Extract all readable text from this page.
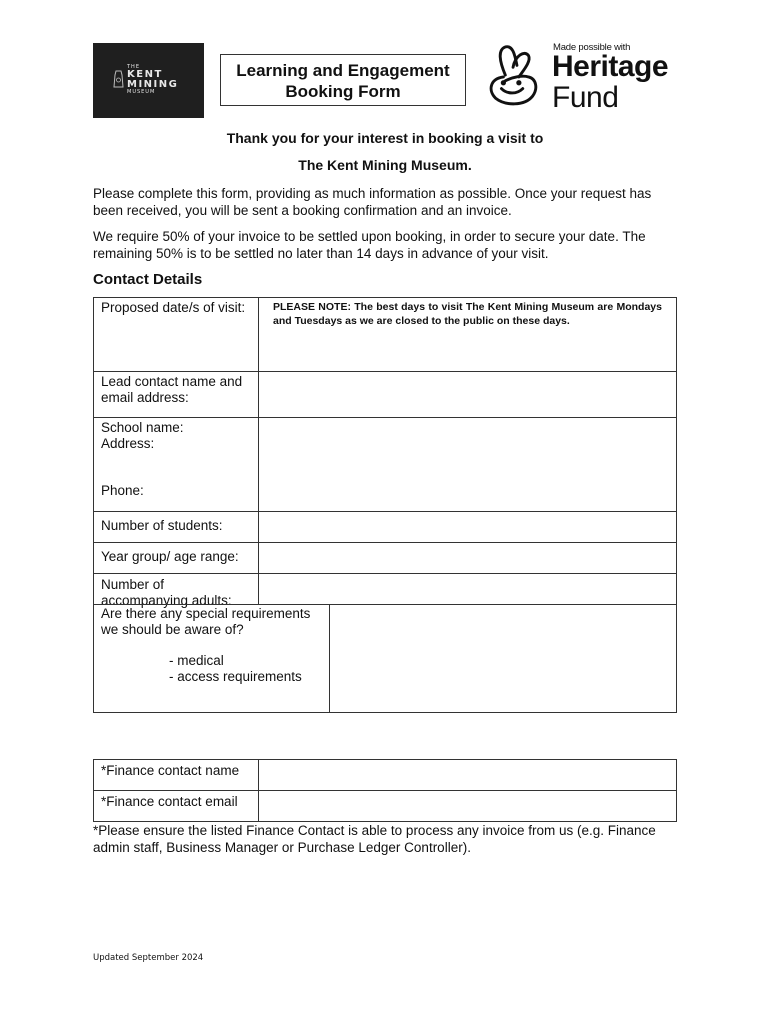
THE
KENT
MINING
MUSEUM
Learning and Engagement
Booking Form
Made possible with
Heritage
Fund
Thank you for your interest in booking a visit to
The Kent Mining Museum.
Please complete this form, providing as much information as possible. Once your request has been received, you will be sent a booking confirmation and an invoice.
We require 50% of your invoice to be settled upon booking, in order to secure your date. The remaining 50% is to be settled no later than 14 days in advance of your visit.
Contact Details
Proposed date/s of visit:	PLEASE NOTE: The best days to visit The Kent Mining Museum are Mondays and Tuesdays as we are closed to the public on these days.
Lead contact name and email address:
School name:
Address:
Phone:
Number of students:
Year group/ age range:
Number of accompanying adults:
Are there any special requirements we should be aware of?
- medical
- access requirements
*Finance contact name
*Finance contact email
*Please ensure the listed Finance Contact is able to process any invoice from us (e.g. Finance admin staff, Business Manager or Purchase Ledger Controller).
Updated September 2024
